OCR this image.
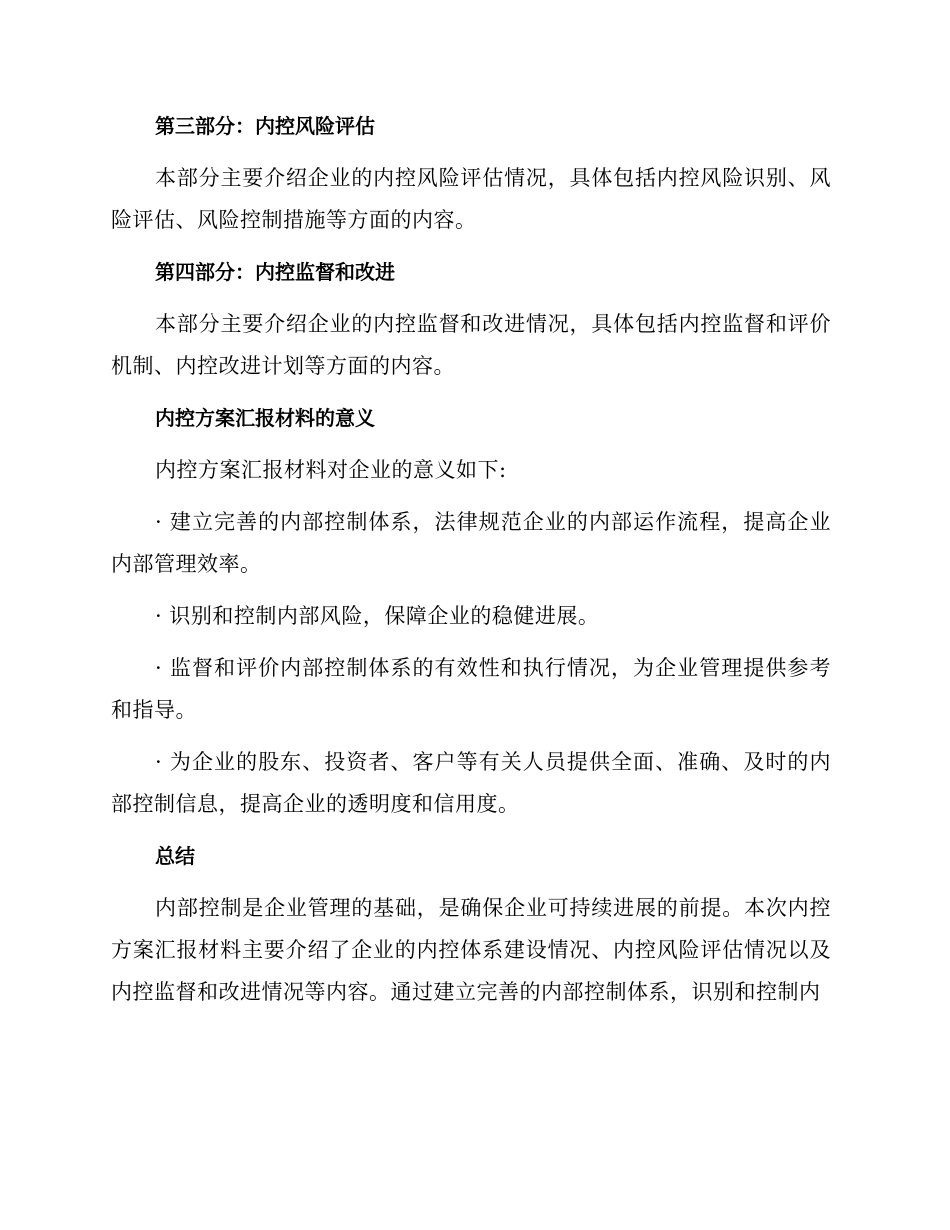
第三部分：内控风险评估

本部分主要介绍企业的内控风险评估情况，具体包括内控风险识别、风险评估、风险控制措施等方面的内容。

第四部分：内控监督和改进

本部分主要介绍企业的内控监督和改进情况，具体包括内控监督和评价机制、内控改进计划等方面的内容。

内控方案汇报材料的意义

内控方案汇报材料对企业的意义如下:

· 建立完善的内部控制体系，法律规范企业的内部运作流程，提高企业内部管理效率。

· 识别和控制内部风险，保障企业的稳健进展。

· 监督和评价内部控制体系的有效性和执行情况，为企业管理提供参考和指导。

· 为企业的股东、投资者、客户等有关人员提供全面、准确、及时的内部控制信息，提高企业的透明度和信用度。

总结

内部控制是企业管理的基础，是确保企业可持续进展的前提。本次内控方案汇报材料主要介绍了企业的内控体系建设情况、内控风险评估情况以及内控监督和改进情况等内容。通过建立完善的内部控制体系，识别和控制内
